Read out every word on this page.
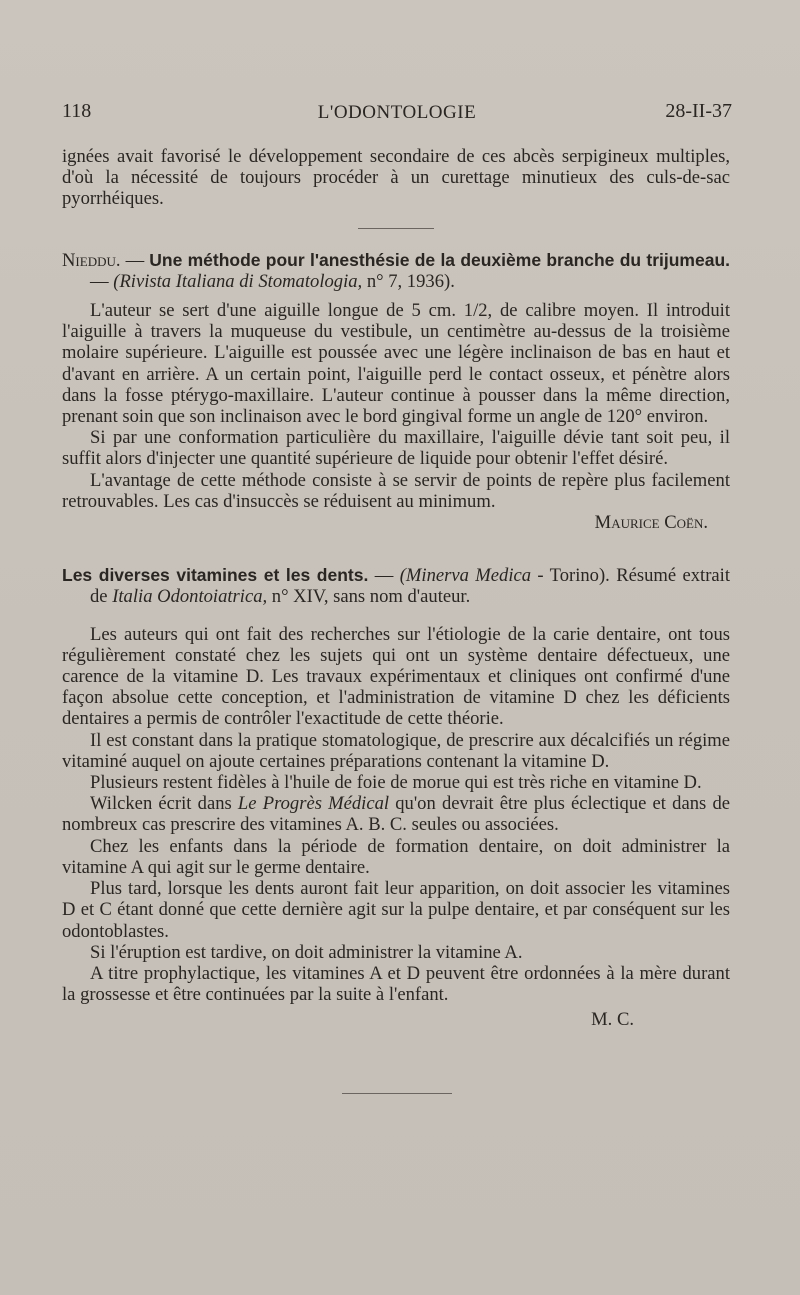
118	L'ODONTOLOGIE	28-II-37

ignées avait favorisé le développement secondaire de ces abcès serpigineux multiples, d'où la nécessité de toujours procéder à un curettage minutieux des culs-de-sac pyorrhéiques.

Nieddu. — Une méthode pour l'anesthésie de la deuxième branche du trijumeau. — (Rivista Italiana di Stomatologia, n° 7, 1936).

L'auteur se sert d'une aiguille longue de 5 cm. 1/2, de calibre moyen. Il introduit l'aiguille à travers la muqueuse du vestibule, un centimètre au-dessus de la troisième molaire supérieure. L'aiguille est poussée avec une légère inclinaison de bas en haut et d'avant en arrière. A un certain point, l'aiguille perd le contact osseux, et pénètre alors dans la fosse ptérygo-maxillaire. L'auteur continue à pousser dans la même direction, prenant soin que son inclinaison avec le bord gingival forme un angle de 120° environ.

Si par une conformation particulière du maxillaire, l'aiguille dévie tant soit peu, il suffit alors d'injecter une quantité supérieure de liquide pour obtenir l'effet désiré.

L'avantage de cette méthode consiste à se servir de points de repère plus facilement retrouvables. Les cas d'insuccès se réduisent au minimum.

Maurice Coën.

Les diverses vitamines et les dents. — (Minerva Medica - Torino). Résumé extrait de Italia Odontoiatrica, n° XIV, sans nom d'auteur.

Les auteurs qui ont fait des recherches sur l'étiologie de la carie dentaire, ont tous régulièrement constaté chez les sujets qui ont un système dentaire défectueux, une carence de la vitamine D. Les travaux expérimentaux et cliniques ont confirmé d'une façon absolue cette conception, et l'administration de vitamine D chez les déficients dentaires a permis de contrôler l'exactitude de cette théorie.

Il est constant dans la pratique stomatologique, de prescrire aux décalcifiés un régime vitaminé auquel on ajoute certaines préparations contenant la vitamine D.

Plusieurs restent fidèles à l'huile de foie de morue qui est très riche en vitamine D.

Wilcken écrit dans Le Progrès Médical qu'on devrait être plus éclectique et dans de nombreux cas prescrire des vitamines A. B. C. seules ou associées.

Chez les enfants dans la période de formation dentaire, on doit administrer la vitamine A qui agit sur le germe dentaire.

Plus tard, lorsque les dents auront fait leur apparition, on doit associer les vitamines D et C étant donné que cette dernière agit sur la pulpe dentaire, et par conséquent sur les odontoblastes.

Si l'éruption est tardive, on doit administrer la vitamine A.

A titre prophylactique, les vitamines A et D peuvent être ordonnées à la mère durant la grossesse et être continuées par la suite à l'enfant.

M. C.
